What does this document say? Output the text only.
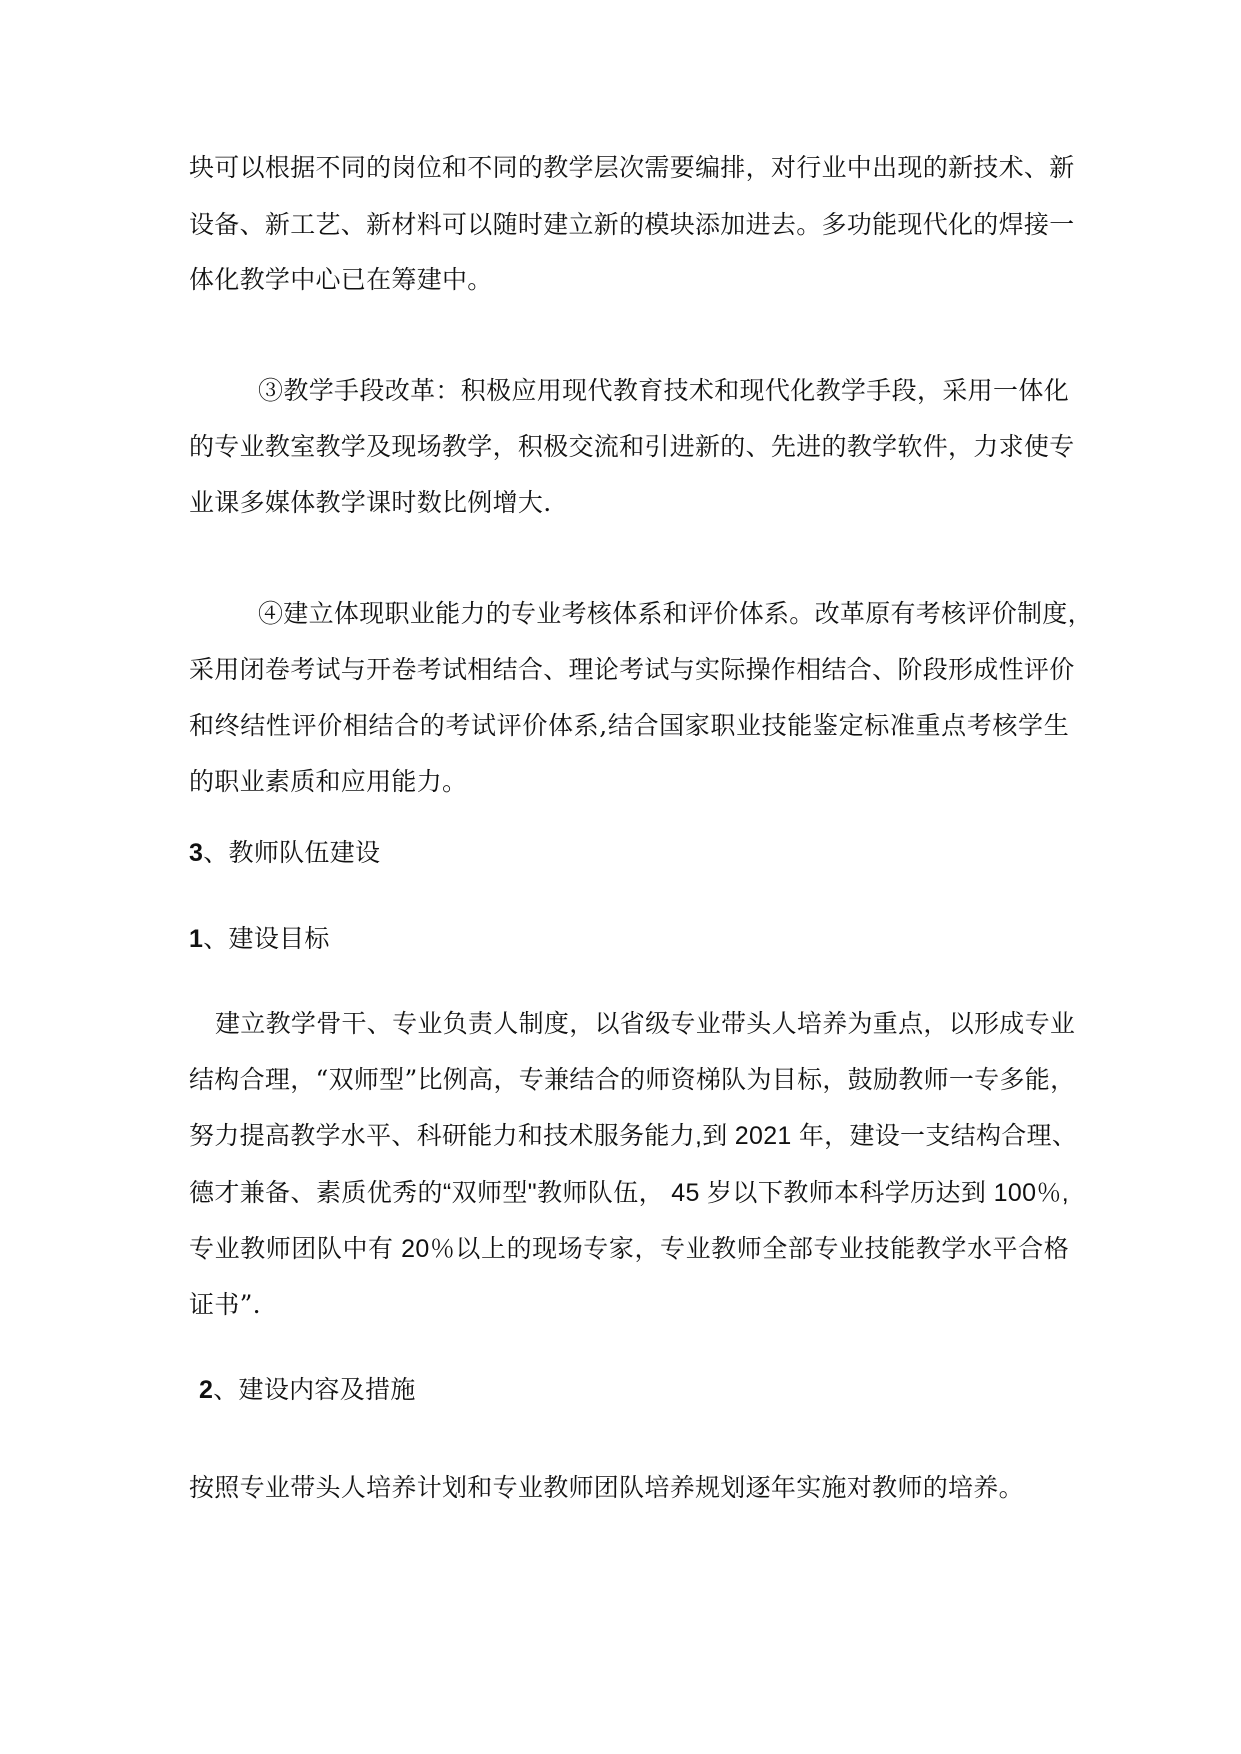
块可以根据不同的岗位和不同的教学层次需要编排，对行业中出现的新技术、新
设备、新工艺、新材料可以随时建立新的模块添加进去。多功能现代化的焊接一
体化教学中心已在筹建中。
③教学手段改革：积极应用现代教育技术和现代化教学手段，采用一体化
的专业教室教学及现场教学，积极交流和引进新的、先进的教学软件，力求使专
业课多媒体教学课时数比例增大.
④建立体现职业能力的专业考核体系和评价体系。改革原有考核评价制度，
采用闭卷考试与开卷考试相结合、理论考试与实际操作相结合、阶段形成性评价
和终结性评价相结合的考试评价体系,结合国家职业技能鉴定标准重点考核学生
的职业素质和应用能力。
3、教师队伍建设
1、建设目标
建立教学骨干、专业负责人制度，以省级专业带头人培养为重点，以形成专业
结构合理，“双师型”比例高，专兼结合的师资梯队为目标，鼓励教师一专多能，
努力提高教学水平、科研能力和技术服务能力,到 2021 年，建设一支结构合理、
德才兼备、素质优秀的“双师型"教师队伍， 45 岁以下教师本科学历达到 100％,
专业教师团队中有 20％以上的现场专家，专业教师全部专业技能教学水平合格
证书”.
2、建设内容及措施
按照专业带头人培养计划和专业教师团队培养规划逐年实施对教师的培养。
